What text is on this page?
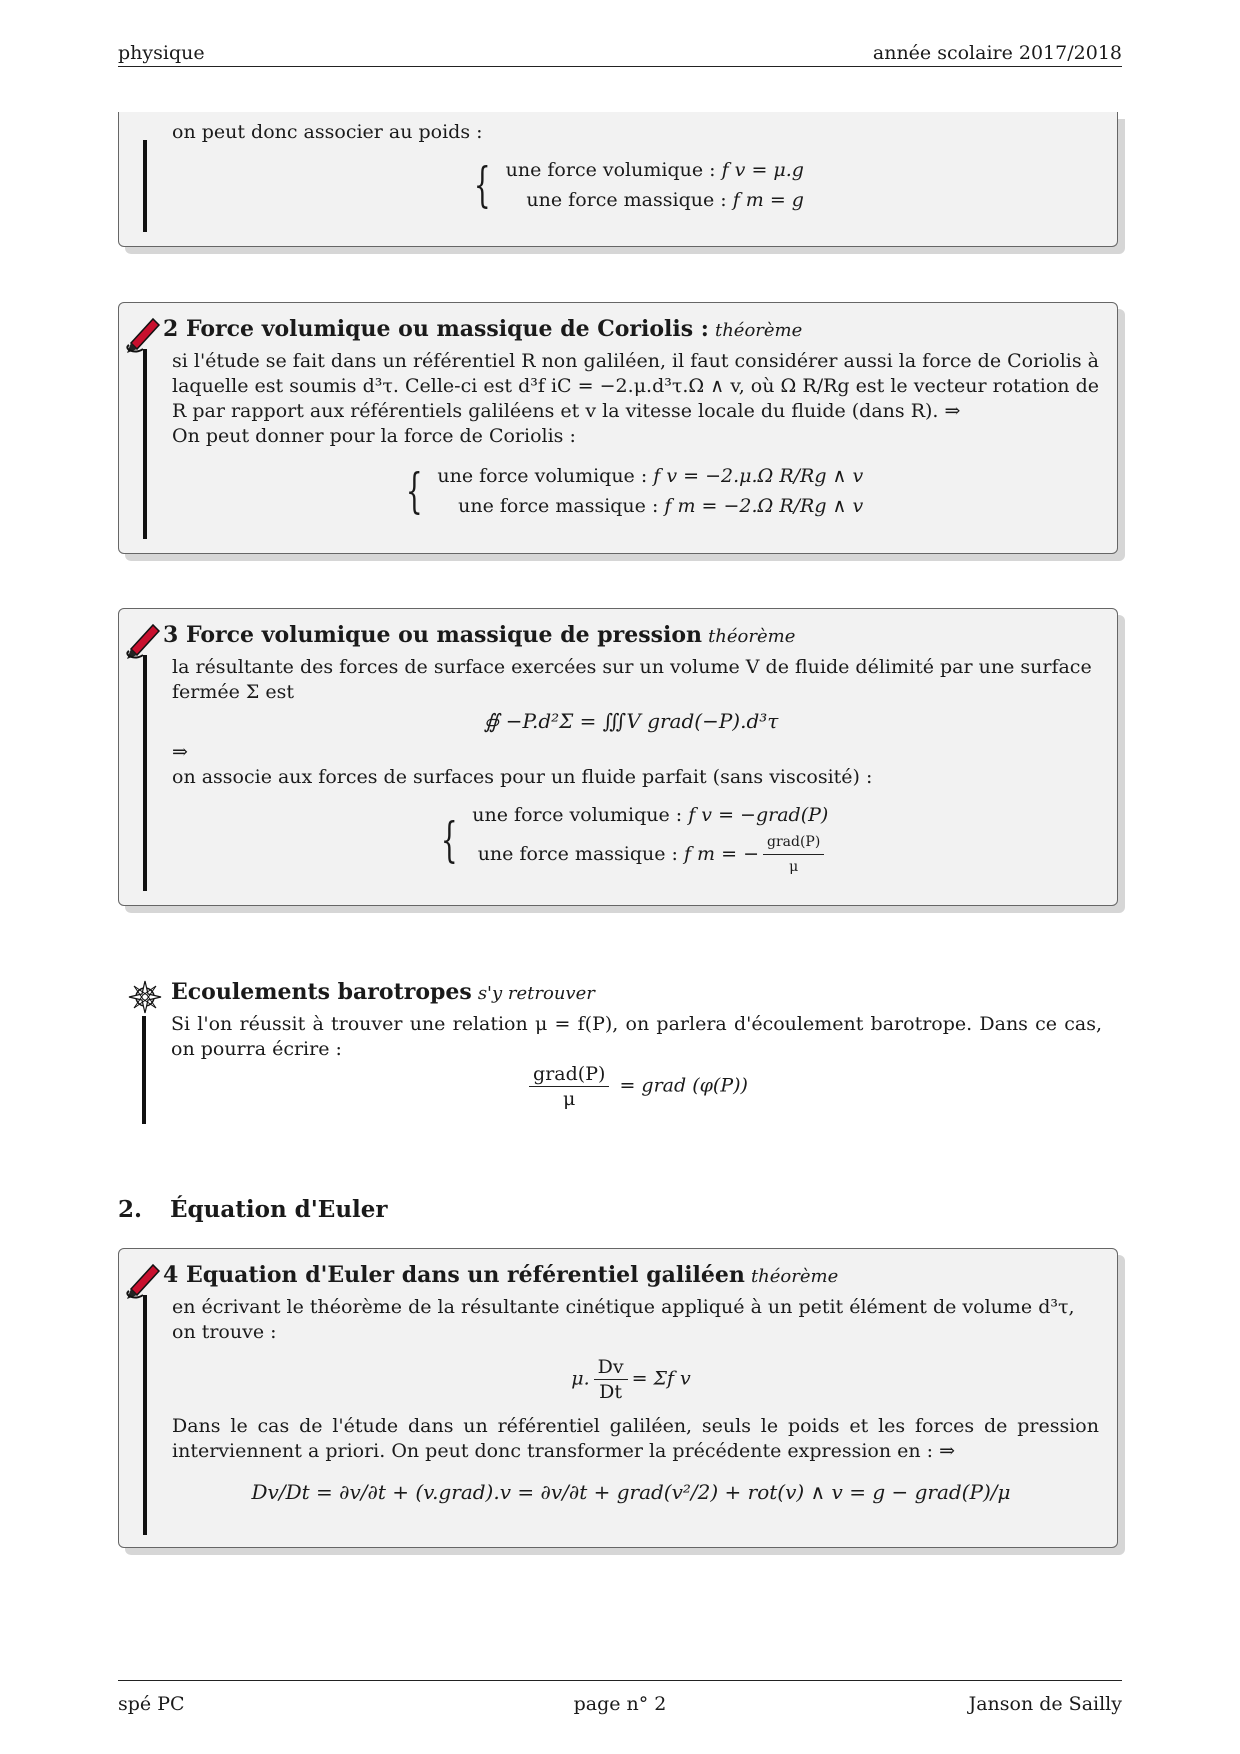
physique	année scolaire 2017/2018
on peut donc associer au poids :
{ une force volumique : f v = μ.g
une force massique : f m = g
2 Force volumique ou massique de Coriolis : théorème
si l'étude se fait dans un référentiel R non galiléen, il faut considérer aussi la force de Coriolis à laquelle est soumis d³τ. Celle-ci est d³f iC = −2.μ.d³τ.Ω ∧ v, où Ω R/Rg est le vecteur rotation de R par rapport aux référentiels galiléens et v la vitesse locale du fluide (dans R). ⇒
On peut donner pour la force de Coriolis :
{ une force volumique : f v = −2.μ.Ω R/Rg ∧ v
une force massique : f m = −2.Ω R/Rg ∧ v
3 Force volumique ou massique de pression théorème
la résultante des forces de surface exercées sur un volume V de fluide délimité par une surface fermée Σ est
∯ −P.d²Σ = ∭V grad(−P).d³τ
⇒
on associe aux forces de surfaces pour un fluide parfait (sans viscosité) :
{ une force volumique : f v = −grad(P)
une force massique : f m = − $\frac{\text{grad(P)}}{\mu}$
Ecoulements barotropes s'y retrouver
Si l'on réussit à trouver une relation μ = f(P), on parlera d'écoulement barotrope. Dans ce cas, on pourra écrire :
$\frac{\text{grad(P)}}{\mu}$ = grad (φ(P))
2. Équation d'Euler
4 Equation d'Euler dans un référentiel galiléen théorème
en écrivant le théorème de la résultante cinétique appliqué à un petit élément de volume d³τ, on trouve :
μ. $\frac{Dv}{Dt} = \Sigma f$ v
Dans le cas de l'étude dans un référentiel galiléen, seuls le poids et les forces de pression interviennent a priori. On peut donc transformer la précédente expression en : ⇒
Dv/Dt = ∂v/∂t + (v.grad).v = ∂v/∂t + grad(v²/2) + rot(v) ∧ v = g − grad(P)/μ
spé PC	page n° 2	Janson de Sailly
